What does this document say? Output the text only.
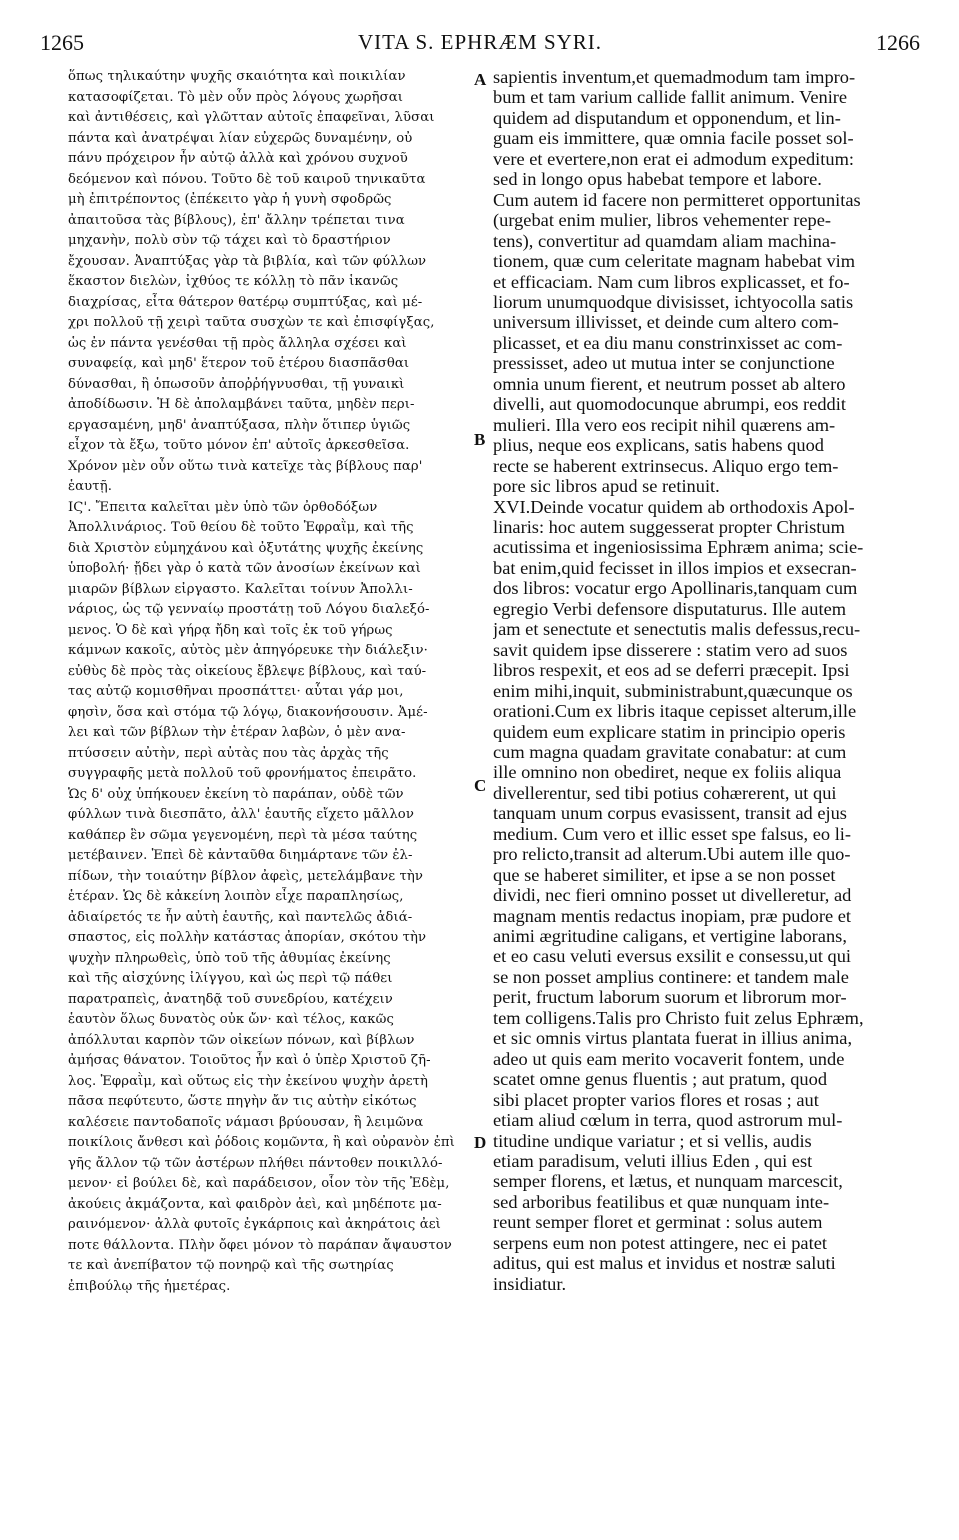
1265	VITA S. EPHRÆM SYRI.	1266
ὅπως τηλικαύτην ψυχῆς σκαιότητα καὶ ποικιλίαν
κατασοφίζεται. Τὸ μὲν οὖν πρὸς λόγους χωρῆσαι
καὶ ἀντιθέσεις, καὶ γλῶτταν αὐτοῖς ἐπαφεῖναι, λῦσαι
πάντα καὶ ἀνατρέψαι λίαν εὐχερῶς δυναμένην, οὐ
πάνυ πρόχειρον ἦν αὐτῷ ἀλλὰ καὶ χρόνου συχνοῦ
δεόμενον καὶ πόνου. Τοῦτο δὲ τοῦ καιροῦ τηνικαῦτα
μὴ ἐπιτρέποντος (ἐπέκειτο γὰρ ἡ γυνὴ σφοδρῶς
ἀπαιτοῦσα τὰς βίβλους), ἐπ' ἄλλην τρέπεται τινα
μηχανὴν, πολὺ σὺν τῷ τάχει καὶ τὸ δραστήριον
ἔχουσαν. Ἀναπτύξας γὰρ τὰ βιβλία, καὶ τῶν φύλλων
ἕκαστον διελὼν, ἰχθύος τε κόλλῃ τὸ πᾶν ἱκανῶς
διαχρίσας, εἶτα θάτερον θατέρῳ συμπτύξας, καὶ μέ-
χρι πολλοῦ τῇ χειρὶ ταῦτα συσχὼν τε καὶ ἐπισφίγξας,
ὡς ἐν πάντα γενέσθαι τῇ πρὸς ἄλληλα σχέσει καὶ
συναφείᾳ, καὶ μηδ' ἕτερον τοῦ ἑτέρου διασπᾶσθαι
δύνασθαι, ἢ ὁπωσοῦν ἀποῤῥήγνυσθαι, τῇ γυναικὶ
ἀποδίδωσιν. Ἡ δὲ ἀπολαμβάνει ταῦτα, μηδὲν περι-
εργασαμένη, μηδ' ἀναπτύξασα, πλὴν ὅτιπερ ὑγιῶς
εἶχον τὰ ἔξω, τοῦτο μόνον ἐπ' αὐτοῖς ἀρκεσθεῖσα.
Χρόνον μὲν οὖν οὕτω τινὰ κατεῖχε τὰς βίβλους παρ'
ἑαυτῇ.
ΙϚ'. Ἔπειτα καλεῖται μὲν ὑπὸ τῶν ὀρθοδόξων
Ἀπολλινάριος. Τοῦ θείου δὲ τοῦτο Ἐφραῒμ, καὶ τῆς
διὰ Χριστὸν εὐμηχάνου καὶ ὀξυτάτης ψυχῆς ἐκείνης
ὑποβολή· ᾔδει γὰρ ὁ κατὰ τῶν ἀνοσίων ἐκείνων καὶ
μιαρῶν βίβλων εἰργαστο. Καλεῖται τοίνυν Ἀπολλι-
νάριος, ὡς τῷ γενναίῳ προστάτῃ τοῦ Λόγου διαλεξό-
μενος. Ὁ δὲ καὶ γήρᾳ ἤδη καὶ τοῖς ἐκ τοῦ γήρως
κάμνων κακοῖς, αὐτὸς μὲν ἀπηγόρευκε τὴν διάλεξιν·
εὐθὺς δὲ πρὸς τὰς οἰκείους ἔβλεψε βίβλους, καὶ ταύ-
τας αὐτῷ κομισθῆναι προσπάττει· αὗται γάρ μοι,
φησὶν, ὅσα καὶ στόμα τῷ λόγῳ, διακονήσουσιν. Ἀμέ-
λει καὶ τῶν βίβλων τὴν ἑτέραν λαβὼν, ὁ μὲν ανα-
πτύσσειν αὐτὴν, περὶ αὐτὰς που τὰς ἀρχὰς τῆς
συγγραφῆς μετὰ πολλοῦ τοῦ φρονήματος ἐπειρᾶτο.
Ὡς δ' οὐχ ὑπήκουεν ἐκείνη τὸ παράπαν, οὐδὲ τῶν
φύλλων τινὰ διεσπᾶτο, ἀλλ' ἑαυτῆς εἴχετο μᾶλλον
καθάπερ ἓν σῶμα γεγενομένη, περὶ τὰ μέσα ταύτης
μετέβαινεν. Ἐπεὶ δὲ κἀνταῦθα διημάρτανε τῶν ἐλ-
πίδων, τὴν τοιαύτην βίβλον ἀφεὶς, μετελάμβανε τὴν
ἑτέραν. Ὡς δὲ κἀκείνη λοιπὸν εἶχε παραπλησίως,
ἀδιαίρετός τε ἦν αὐτὴ ἑαυτῆς, καὶ παντελῶς ἀδιά-
σπαστος, εἰς πολλὴν κατάστας ἀπορίαν, σκότου τὴν
ψυχὴν πληρωθεὶς, ὑπὸ τοῦ τῆς ἀθυμίας ἐκείνης
καὶ τῆς αἰσχύνης ἰλίγγου, καὶ ὡς περὶ τῷ πάθει
παρατραπεὶς, ἀνατηδᾷ τοῦ συνεδρίου, κατέχειν
ἑαυτὸν ὅλως δυνατὸς οὐκ ὤν· καὶ τέλος, κακῶς
ἀπόλλυται καρπὸν τῶν οἰκείων πόνων, καὶ βίβλων
ἀμήσας θάνατον. Τοιοῦτος ἦν καὶ ὁ ὑπὲρ Χριστοῦ ζῆ-
λος. Ἐφραῒμ, καὶ οὕτως εἰς τὴν ἐκείνου ψυχὴν ἀρετὴ
πᾶσα πεφύτευτο, ὥστε πηγὴν ἄν τις αὐτὴν εἰκότως
καλέσειε παντοδαποῖς νάμασι βρύουσαν, ἢ λειμῶνα
ποικίλοις ἄνθεσι καὶ ῥόδοις κομῶντα, ἢ καὶ οὐρανὸν ἐπὶ
γῆς ἄλλον τῷ τῶν ἀστέρων πλήθει πάντοθεν ποικιλλό-
μενον· εἰ βούλει δὲ, καὶ παράδεισον, οἷον τὸν τῆς Ἐδὲμ,
ἀκούεις ἀκμάζοντα, καὶ φαιδρὸν ἀεὶ, καὶ μηδέποτε μα-
ραινόμενον· ἀλλὰ φυτοῖς ἐγκάρποις καὶ ἀκηράτοις ἀεὶ
ποτε θάλλοντα. Πλὴν ὄφει μόνον τὸ παράπαν ἄψαυστον
τε καὶ ἀνεπίβατον τῷ πονηρῷ καὶ τῆς σωτηρίας
ἐπιβούλῳ τῆς ἡμετέρας.
sapientis inventum,et quemadmodum tam impro-
bum et tam varium callide fallit animum. Venire
quidem ad disputandum et opponendum, et lin-
guam eis immittere, quæ omnia facile posset sol-
vere et evertere,non erat ei admodum expeditum:
sed in longo opus habebat tempore et labore.
Cum autem id facere non permitteret opportunitas
(urgebat enim mulier, libros vehementer repe-
tens), convertitur ad quamdam aliam machina-
tionem, quæ cum celeritate magnam habebat vim
et efficaciam. Nam cum libros explicasset, et fo-
liorum unumquodque divisisset, ichtyocolla satis
universum illivisset, et deinde cum altero com-
plicasset, et ea diu manu constrinxisset ac com-
pressisset, adeo ut mutua inter se conjunctione
omnia unum fierent, et neutrum posset ab altero
divelli, aut quomodocunque abrumpi, eos reddit
mulieri. Illa vero eos recipit nihil quærens am-
plius, neque eos explicans, satis habens quod
recte se haberent extrinsecus. Aliquo ergo tem-
pore sic libros apud se retinuit.
XVI.Deinde vocatur quidem ab orthodoxis Apol-
linaris: hoc autem suggesserat propter Christum
acutissima et ingeniosissima Ephræm anima; scie-
bat enim,quid fecisset in illos impios et exsecran-
dos libros: vocatur ergo Apollinaris,tanquam cum
egregio Verbi defensore disputaturus. Ille autem
jam et senectute et senectutis malis defessus,recu-
savit quidem ipse disserere : statim vero ad suos
libros respexit, et eos ad se deferri præcepit. Ipsi
enim mihi,inquit, subministrabunt,quæcunque os
orationi.Cum ex libris itaque cepisset alterum,ille
quidem eum explicare statim in principio operis
cum magna quadam gravitate conabatur: at cum
ille omnino non obediret, neque ex foliis aliqua
divellerentur, sed tibi potius cohærerent, ut qui
tanquam unum corpus evasissent, transit ad ejus
medium. Cum vero et illic esset spe falsus, eo li-
pro relicto,transit ad alterum.Ubi autem ille quo-
que se haberet similiter, et ipse a se non posset
dividi, nec fieri omnino posset ut divelleretur, ad
magnam mentis redactus inopiam, præ pudore et
animi ægritudine caligans, et vertigine laborans,
et eo casu veluti eversus exsilit e consessu,ut qui
se non posset amplius continere: et tandem male
perit, fructum laborum suorum et librorum mor-
tem colligens.Talis pro Christo fuit zelus Ephræm,
et sic omnis virtus plantata fuerat in illius anima,
adeo ut quis eam merito vocaverit fontem, unde
scatet omne genus fluentis ; aut pratum, quod
sibi placet propter varios flores et rosas ; aut
etiam aliud cœlum in terra, quod astrorum mul-
titudine undique variatur ; et si vellis, audis
etiam paradisum, veluti illius Eden , qui est
semper florens, et lætus, et nunquam marcescit,
sed arboribus featilibus et quæ nunquam inte-
reunt semper floret et germinat : solus autem
serpens eum non potest attingere, nec ei patet
aditus, qui est malus et invidus et nostræ saluti
insidiatur.
A
B
C
D
